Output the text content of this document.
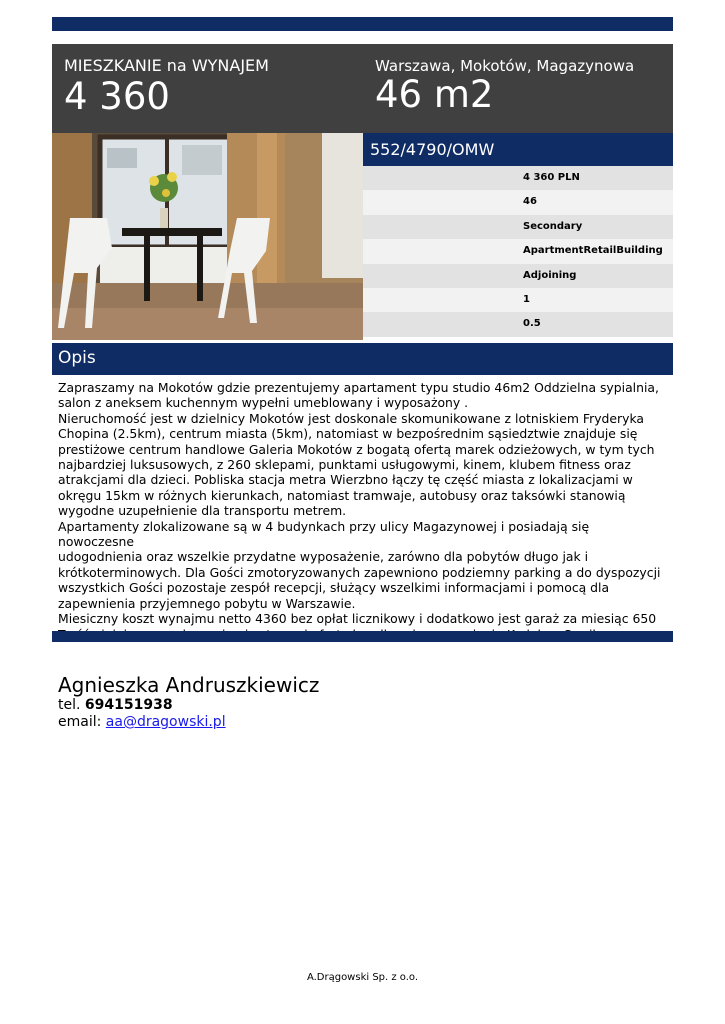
MIESZKANIE na WYNAJEM
4 360
Warszawa, Mokotów, Magazynowa
46 m2
552/4790/OMW
4 360 PLN
46
Secondary
ApartmentRetailBuilding
Adjoining
1
0.5
Opis
Zapraszamy na Mokotów gdzie prezentujemy apartament typu studio 46m2 Oddzielna sypialnia,
salon z aneksem kuchennym wypełni umeblowany i wyposażony .
Nieruchomość jest w dzielnicy Mokotów jest doskonale skomunikowane z lotniskiem Fryderyka
Chopina (2.5km), centrum miasta (5km), natomiast w bezpośrednim sąsiedztwie znajduje się
prestiżowe centrum handlowe Galeria Mokotów z bogatą ofertą marek odzieżowych, w tym tych
najbardziej luksusowych, z 260 sklepami, punktami usługowymi, kinem, klubem fitness oraz
atrakcjami dla dzieci. Pobliska stacja metra Wierzbno łączy tę część miasta z lokalizacjami w
okręgu 15km w różnych kierunkach, natomiast tramwaje, autobusy oraz taksówki stanowią
wygodne uzupełnienie dla transportu metrem.
Apartamenty zlokalizowane są w 4 budynkach przy ulicy Magazynowej i posiadają się nowoczesne
udogodnienia oraz wszelkie przydatne wyposażenie, zarówno dla pobytów długo jak i
krótkoterminowych. Dla Gości zmotoryzowanych zapewniono podziemny parking a do dyspozycji
wszystkich Gości pozostaje zespół recepcji, służący wszelkimi informacjami i pomocą dla
zapewnienia przyjemnego pobytu w Warszawie.
Miesiczny koszt wynajmu netto 4360 bez opłat licznikowy i dodatkowo jest garaż za miesiąc 650
Agnieszka Andruszkiewicz
tel. 694151938
email: aa@dragowski.pl
A.Drągowski Sp. z o.o.
